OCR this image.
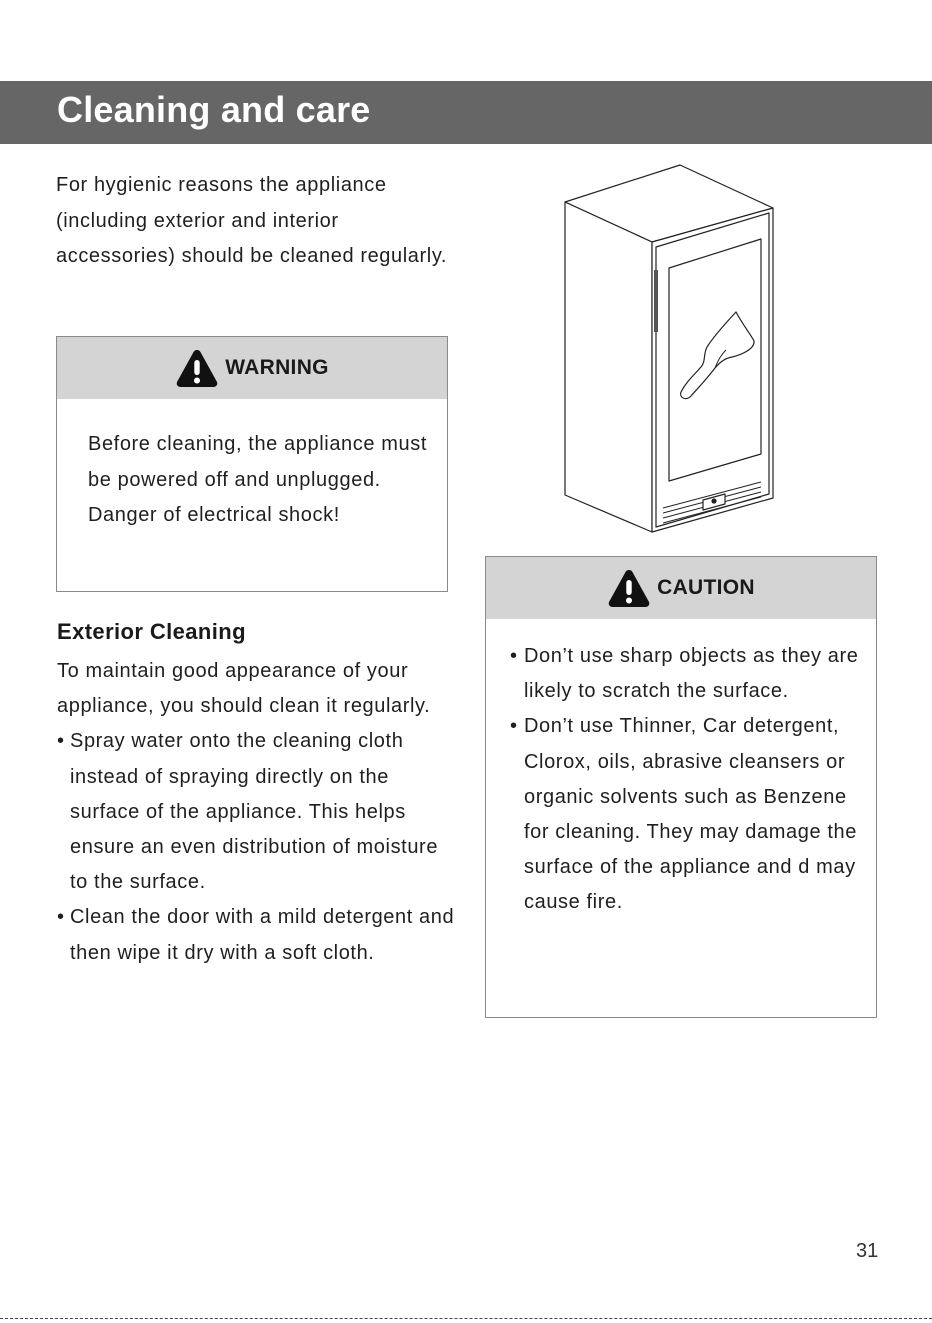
Cleaning and care
For hygienic reasons the appliance (including exterior and interior accessories) should be cleaned regularly.
WARNING
Before cleaning, the appliance must be powered off and unplugged. Danger of electrical shock!
Exterior Cleaning
To maintain good appearance of your appliance, you should clean it regularly.
• Spray water onto the cleaning cloth instead of spraying directly on the surface of the appliance. This helps ensure an even distribution of moisture to the surface.
• Clean the door with a mild detergent and then wipe it dry with a soft cloth.
CAUTION
• Don’t use sharp objects as they are likely to scratch the surface.
• Don’t use Thinner, Car detergent, Clorox, oils, abrasive cleansers or organic solvents such as Benzene for cleaning. They may damage the surface of the appliance and d may cause fire.
31
